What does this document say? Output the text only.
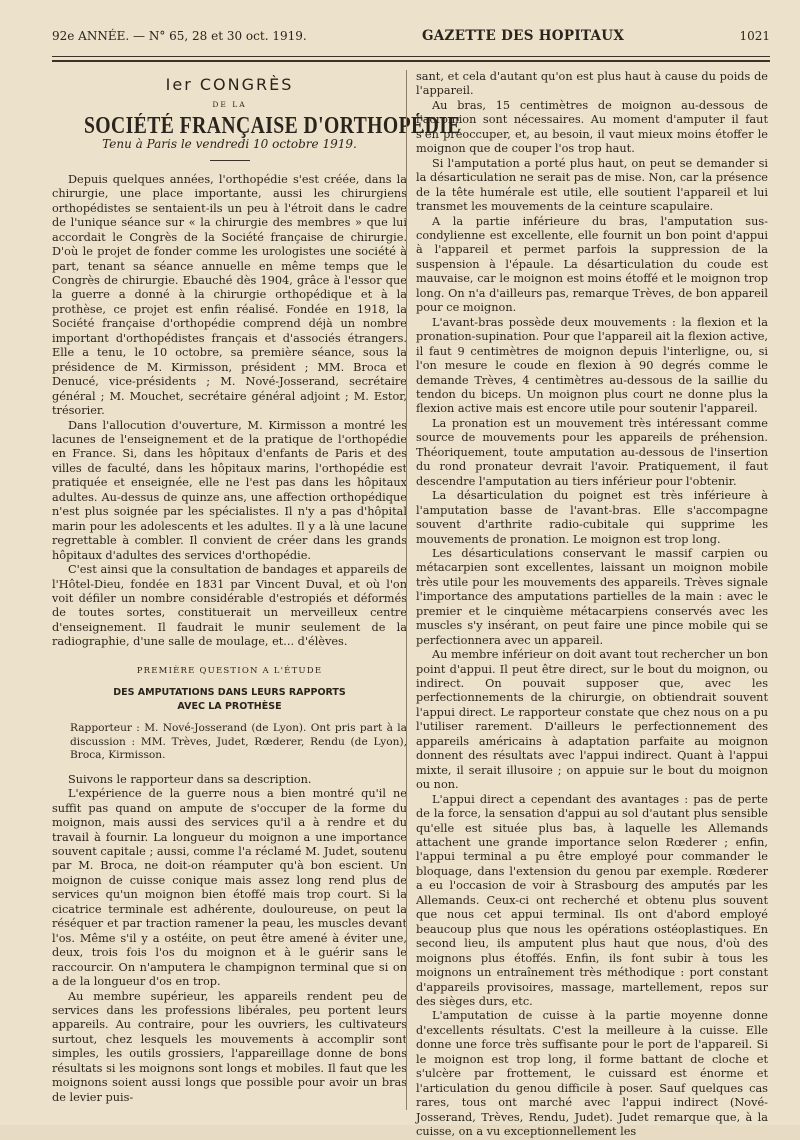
92e ANNÉE. — N° 65, 28 et 30 oct. 1919.	GAZETTE DES HOPITAUX	1021
Ier CONGRÈS
DE LA
SOCIÉTÉ FRANÇAISE D'ORTHOPÉDIE
Tenu à Paris le vendredi 10 octobre 1919.

Depuis quelques années, l'orthopédie s'est créée, dans la chirurgie, une place importante, aussi les chirurgiens orthopédistes se sentaient-ils un peu à l'étroit dans le cadre de l'unique séance sur « la chirurgie des membres » que lui accordait le Congrès de la Société française de chirurgie. D'où le projet de fonder comme les urologistes une société à part, tenant sa séance annuelle en même temps que le Congrès de chirurgie. Ebauché dès 1904, grâce à l'essor que la guerre a donné à la chirurgie orthopédique et à la prothèse, ce projet est enfin réalisé. Fondée en 1918, la Société française d'orthopédie comprend déjà un nombre important d'orthopédistes français et d'associés étrangers. Elle a tenu, le 10 octobre, sa première séance, sous la présidence de M. Kirmisson, président ; MM. Broca et Denucé, vice-présidents ; M. Nové-Josserand, secrétaire général ; M. Mouchet, secrétaire général adjoint ; M. Estor, trésorier.

Dans l'allocution d'ouverture, M. Kirmisson a montré les lacunes de l'enseignement et de la pratique de l'orthopédie en France. Si, dans les hôpitaux d'enfants de Paris et des villes de faculté, dans les hôpitaux marins, l'orthopédie est pratiquée et enseignée, elle ne l'est pas dans les hôpitaux adultes. Au-dessus de quinze ans, une affection orthopédique n'est plus soignée par les spécialistes. Il n'y a pas d'hôpital marin pour les adolescents et les adultes. Il y a là une lacune regrettable à combler. Il convient de créer dans les grands hôpitaux d'adultes des services d'orthopédie.

C'est ainsi que la consultation de bandages et appareils de l'Hôtel-Dieu, fondée en 1831 par Vincent Duval, et où l'on voit défiler un nombre considérable d'estropiés et déformés de toutes sortes, constituerait un merveilleux centre d'enseignement. Il faudrait le munir seulement de la radiographie, d'une salle de moulage, et... d'élèves.

PREMIÈRE QUESTION A L'ÉTUDE
DES AMPUTATIONS DANS LEURS RAPPORTS
AVEC LA PROTHÈSE

Rapporteur : M. Nové-Josserand (de Lyon). Ont pris part à la discussion : MM. Trèves, Judet, Rœderer, Rendu (de Lyon), Broca, Kirmisson.

Suivons le rapporteur dans sa description.

L'expérience de la guerre nous a bien montré qu'il ne suffit pas quand on ampute de s'occuper de la forme du moignon, mais aussi des services qu'il a à rendre et du travail à fournir. La longueur du moignon a une importance souvent capitale ; aussi, comme l'a réclamé M. Judet, soutenu par M. Broca, ne doit-on réamputer qu'à bon escient. Un moignon de cuisse conique mais assez long rend plus de services qu'un moignon bien étoffé mais trop court. Si la cicatrice terminale est adhérente, douloureuse, on peut la réséquer et par traction ramener la peau, les muscles devant l'os. Même s'il y a ostéite, on peut être amené à éviter une, deux, trois fois l'os du moignon et à le guérir sans le raccourcir. On n'amputera le champignon terminal que si on a de la longueur d'os en trop.

Au membre supérieur, les appareils rendent peu de services dans les professions libérales, peu portent leurs appareils. Au contraire, pour les ouvriers, les cultivateurs surtout, chez lesquels les mouvements à accomplir sont simples, les outils grossiers, l'appareillage donne de bons résultats si les moignons sont longs et mobiles. Il faut que les moignons soient aussi longs que possible pour avoir un bras de levier puis-

sant, et cela d'autant qu'on est plus haut à cause du poids de l'appareil.

Au bras, 15 centimètres de moignon au-dessous de l'acromion sont nécessaires. Au moment d'amputer il faut s'en préoccuper, et, au besoin, il vaut mieux moins étoffer le moignon que de couper l'os trop haut.

Si l'amputation a porté plus haut, on peut se demander si la désarticulation ne serait pas de mise. Non, car la présence de la tête humérale est utile, elle soutient l'appareil et lui transmet les mouvements de la ceinture scapulaire.

A la partie inférieure du bras, l'amputation sus-condylienne est excellente, elle fournit un bon point d'appui à l'appareil et permet parfois la suppression de la suspension à l'épaule. La désarticulation du coude est mauvaise, car le moignon est moins étoffé et le moignon trop long. On n'a d'ailleurs pas, remarque Trèves, de bon appareil pour ce moignon.

L'avant-bras possède deux mouvements : la flexion et la pronation-supination. Pour que l'appareil ait la flexion active, il faut 9 centimètres de moignon depuis l'interligne, ou, si l'on mesure le coude en flexion à 90 degrés comme le demande Trèves, 4 centimètres au-dessous de la saillie du tendon du biceps. Un moignon plus court ne donne plus la flexion active mais est encore utile pour soutenir l'appareil.

La pronation est un mouvement très intéressant comme source de mouvements pour les appareils de préhension. Théoriquement, toute amputation au-dessous de l'insertion du rond pronateur devrait l'avoir. Pratiquement, il faut descendre l'amputation au tiers inférieur pour l'obtenir.

La désarticulation du poignet est très inférieure à l'amputation basse de l'avant-bras. Elle s'accompagne souvent d'arthrite radio-cubitale qui supprime les mouvements de pronation. Le moignon est trop long.

Les désarticulations conservant le massif carpien ou métacarpien sont excellentes, laissant un moignon mobile très utile pour les mouvements des appareils. Trèves signale l'importance des amputations partielles de la main : avec le premier et le cinquième métacarpiens conservés avec les muscles s'y insérant, on peut faire une pince mobile qui se perfectionnera avec un appareil.

Au membre inférieur on doit avant tout rechercher un bon point d'appui. Il peut être direct, sur le bout du moignon, ou indirect. On pouvait supposer que, avec les perfectionnements de la chirurgie, on obtiendrait souvent l'appui direct. Le rapporteur constate que chez nous on a pu l'utiliser rarement. D'ailleurs le perfectionnement des appareils américains à adaptation parfaite au moignon donnent des résultats avec l'appui indirect. Quant à l'appui mixte, il serait illusoire ; on appuie sur le bout du moignon ou non.

L'appui direct a cependant des avantages : pas de perte de la force, la sensation d'appui au sol d'autant plus sensible qu'elle est située plus bas, à laquelle les Allemands attachent une grande importance selon Rœderer ; enfin, l'appui terminal a pu être employé pour commander le bloquage, dans l'extension du genou par exemple. Rœderer a eu l'occasion de voir à Strasbourg des amputés par les Allemands. Ceux-ci ont recherché et obtenu plus souvent que nous cet appui terminal. Ils ont d'abord employé beaucoup plus que nous les opérations ostéoplastiques. En second lieu, ils amputent plus haut que nous, d'où des moignons plus étoffés. Enfin, ils font subir à tous les moignons un entraînement très méthodique : port constant d'appareils provisoires, massage, martellement, repos sur des sièges durs, etc.

L'amputation de cuisse à la partie moyenne donne d'excellents résultats. C'est la meilleure à la cuisse. Elle donne une force très suffisante pour le port de l'appareil. Si le moignon est trop long, il forme battant de cloche et s'ulcère par frottement, le cuissard est énorme et l'articulation du genou difficile à poser. Sauf quelques cas rares, tous ont marché avec l'appui indirect (Nové-Josserand, Trèves, Rendu, Judet). Judet remarque que, à la cuisse, on a vu exceptionnellement les
